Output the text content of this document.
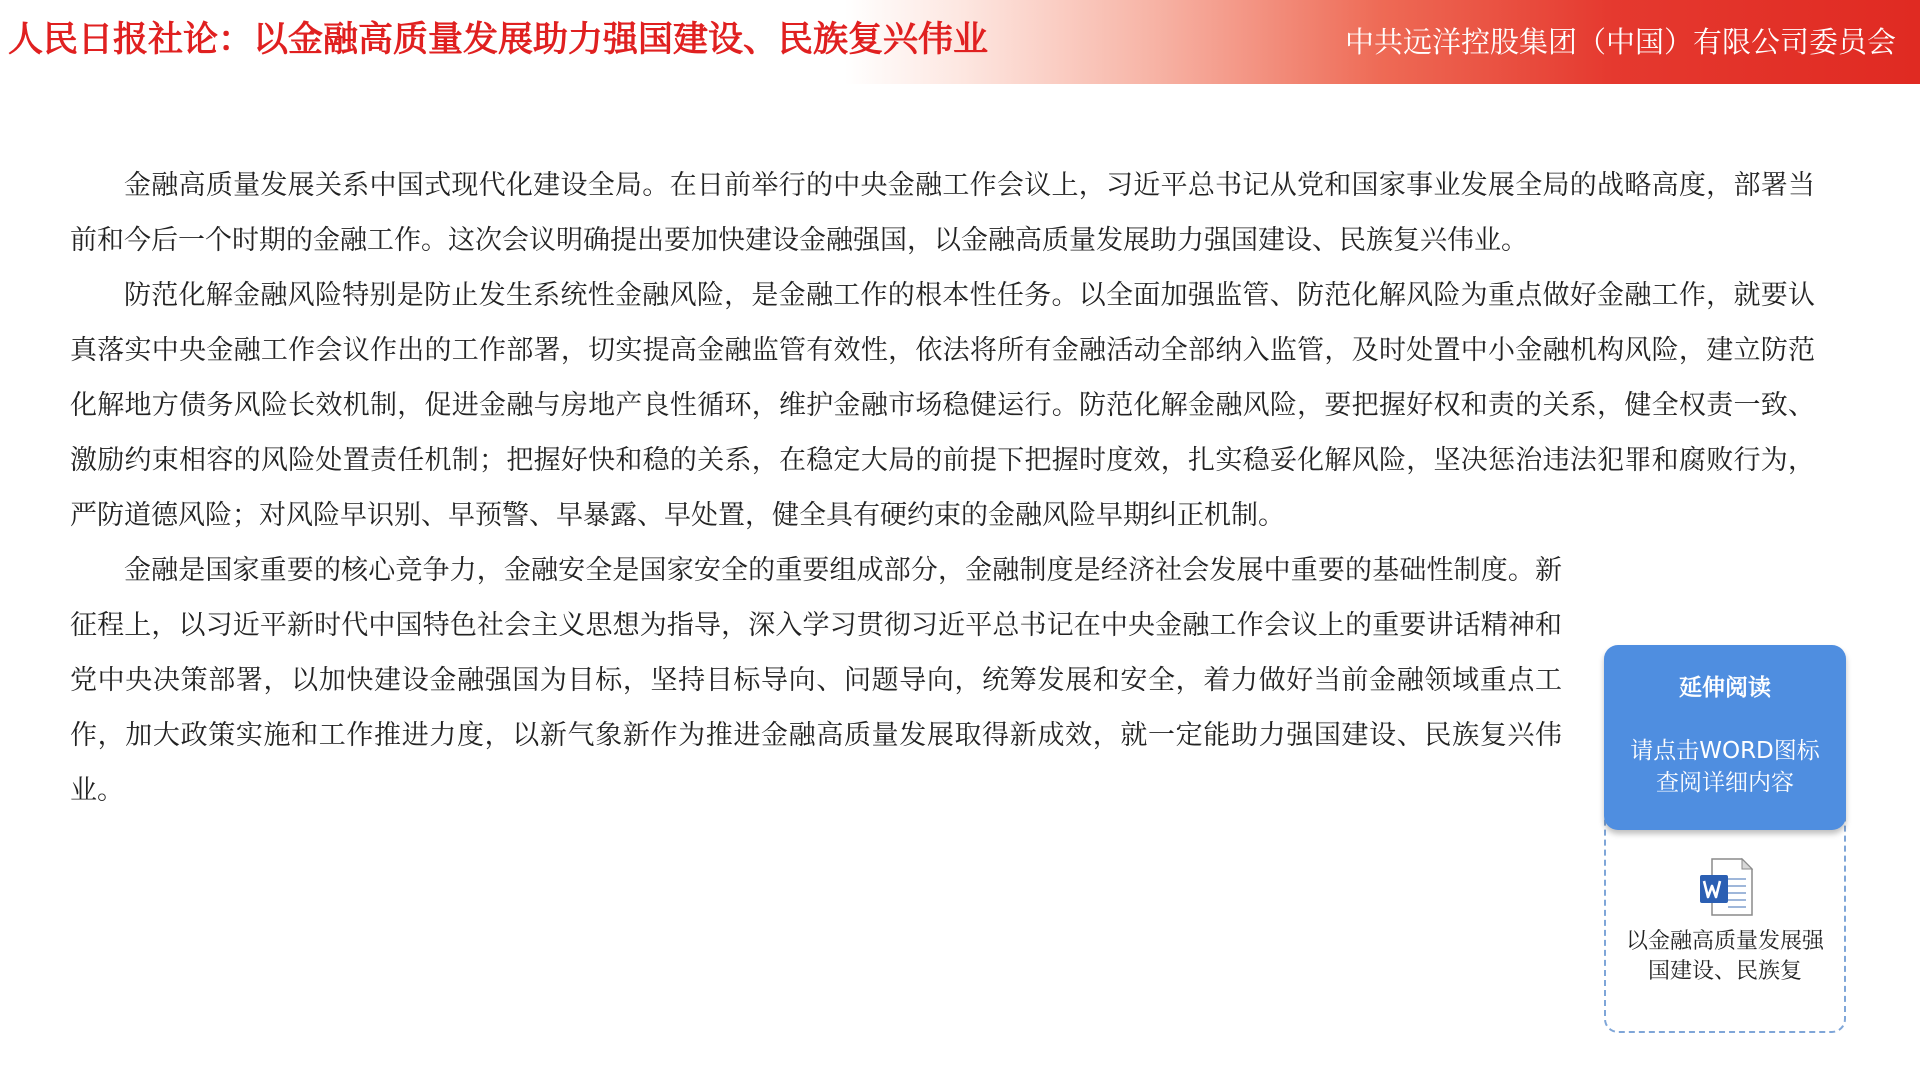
人民日报社论：以金融高质量发展助力强国建设、民族复兴伟业	中共远洋控股集团（中国）有限公司委员会

金融高质量发展关系中国式现代化建设全局。在日前举行的中央金融工作会议上，习近平总书记从党和国家事业发展全局的战略高度，部署当前和今后一个时期的金融工作。这次会议明确提出要加快建设金融强国，以金融高质量发展助力强国建设、民族复兴伟业。

防范化解金融风险特别是防止发生系统性金融风险，是金融工作的根本性任务。以全面加强监管、防范化解风险为重点做好金融工作，就要认真落实中央金融工作会议作出的工作部署，切实提高金融监管有效性，依法将所有金融活动全部纳入监管，及时处置中小金融机构风险，建立防范化解地方债务风险长效机制，促进金融与房地产良性循环，维护金融市场稳健运行。防范化解金融风险，要把握好权和责的关系，健全权责一致、激励约束相容的风险处置责任机制；把握好快和稳的关系，在稳定大局的前提下把握时度效，扎实稳妥化解风险，坚决惩治违法犯罪和腐败行为，严防道德风险；对风险早识别、早预警、早暴露、早处置，健全具有硬约束的金融风险早期纠正机制。

金融是国家重要的核心竞争力，金融安全是国家安全的重要组成部分，金融制度是经济社会发展中重要的基础性制度。新征程上，以习近平新时代中国特色社会主义思想为指导，深入学习贯彻习近平总书记在中央金融工作会议上的重要讲话精神和党中央决策部署，以加快建设金融强国为目标，坚持目标导向、问题导向，统筹发展和安全，着力做好当前金融领域重点工作，加大政策实施和工作推进力度，以新气象新作为推进金融高质量发展取得新成效，就一定能助力强国建设、民族复兴伟业。

延伸阅读
请点击WORD图标查阅详细内容
以金融高质量发展强国建设、民族复
